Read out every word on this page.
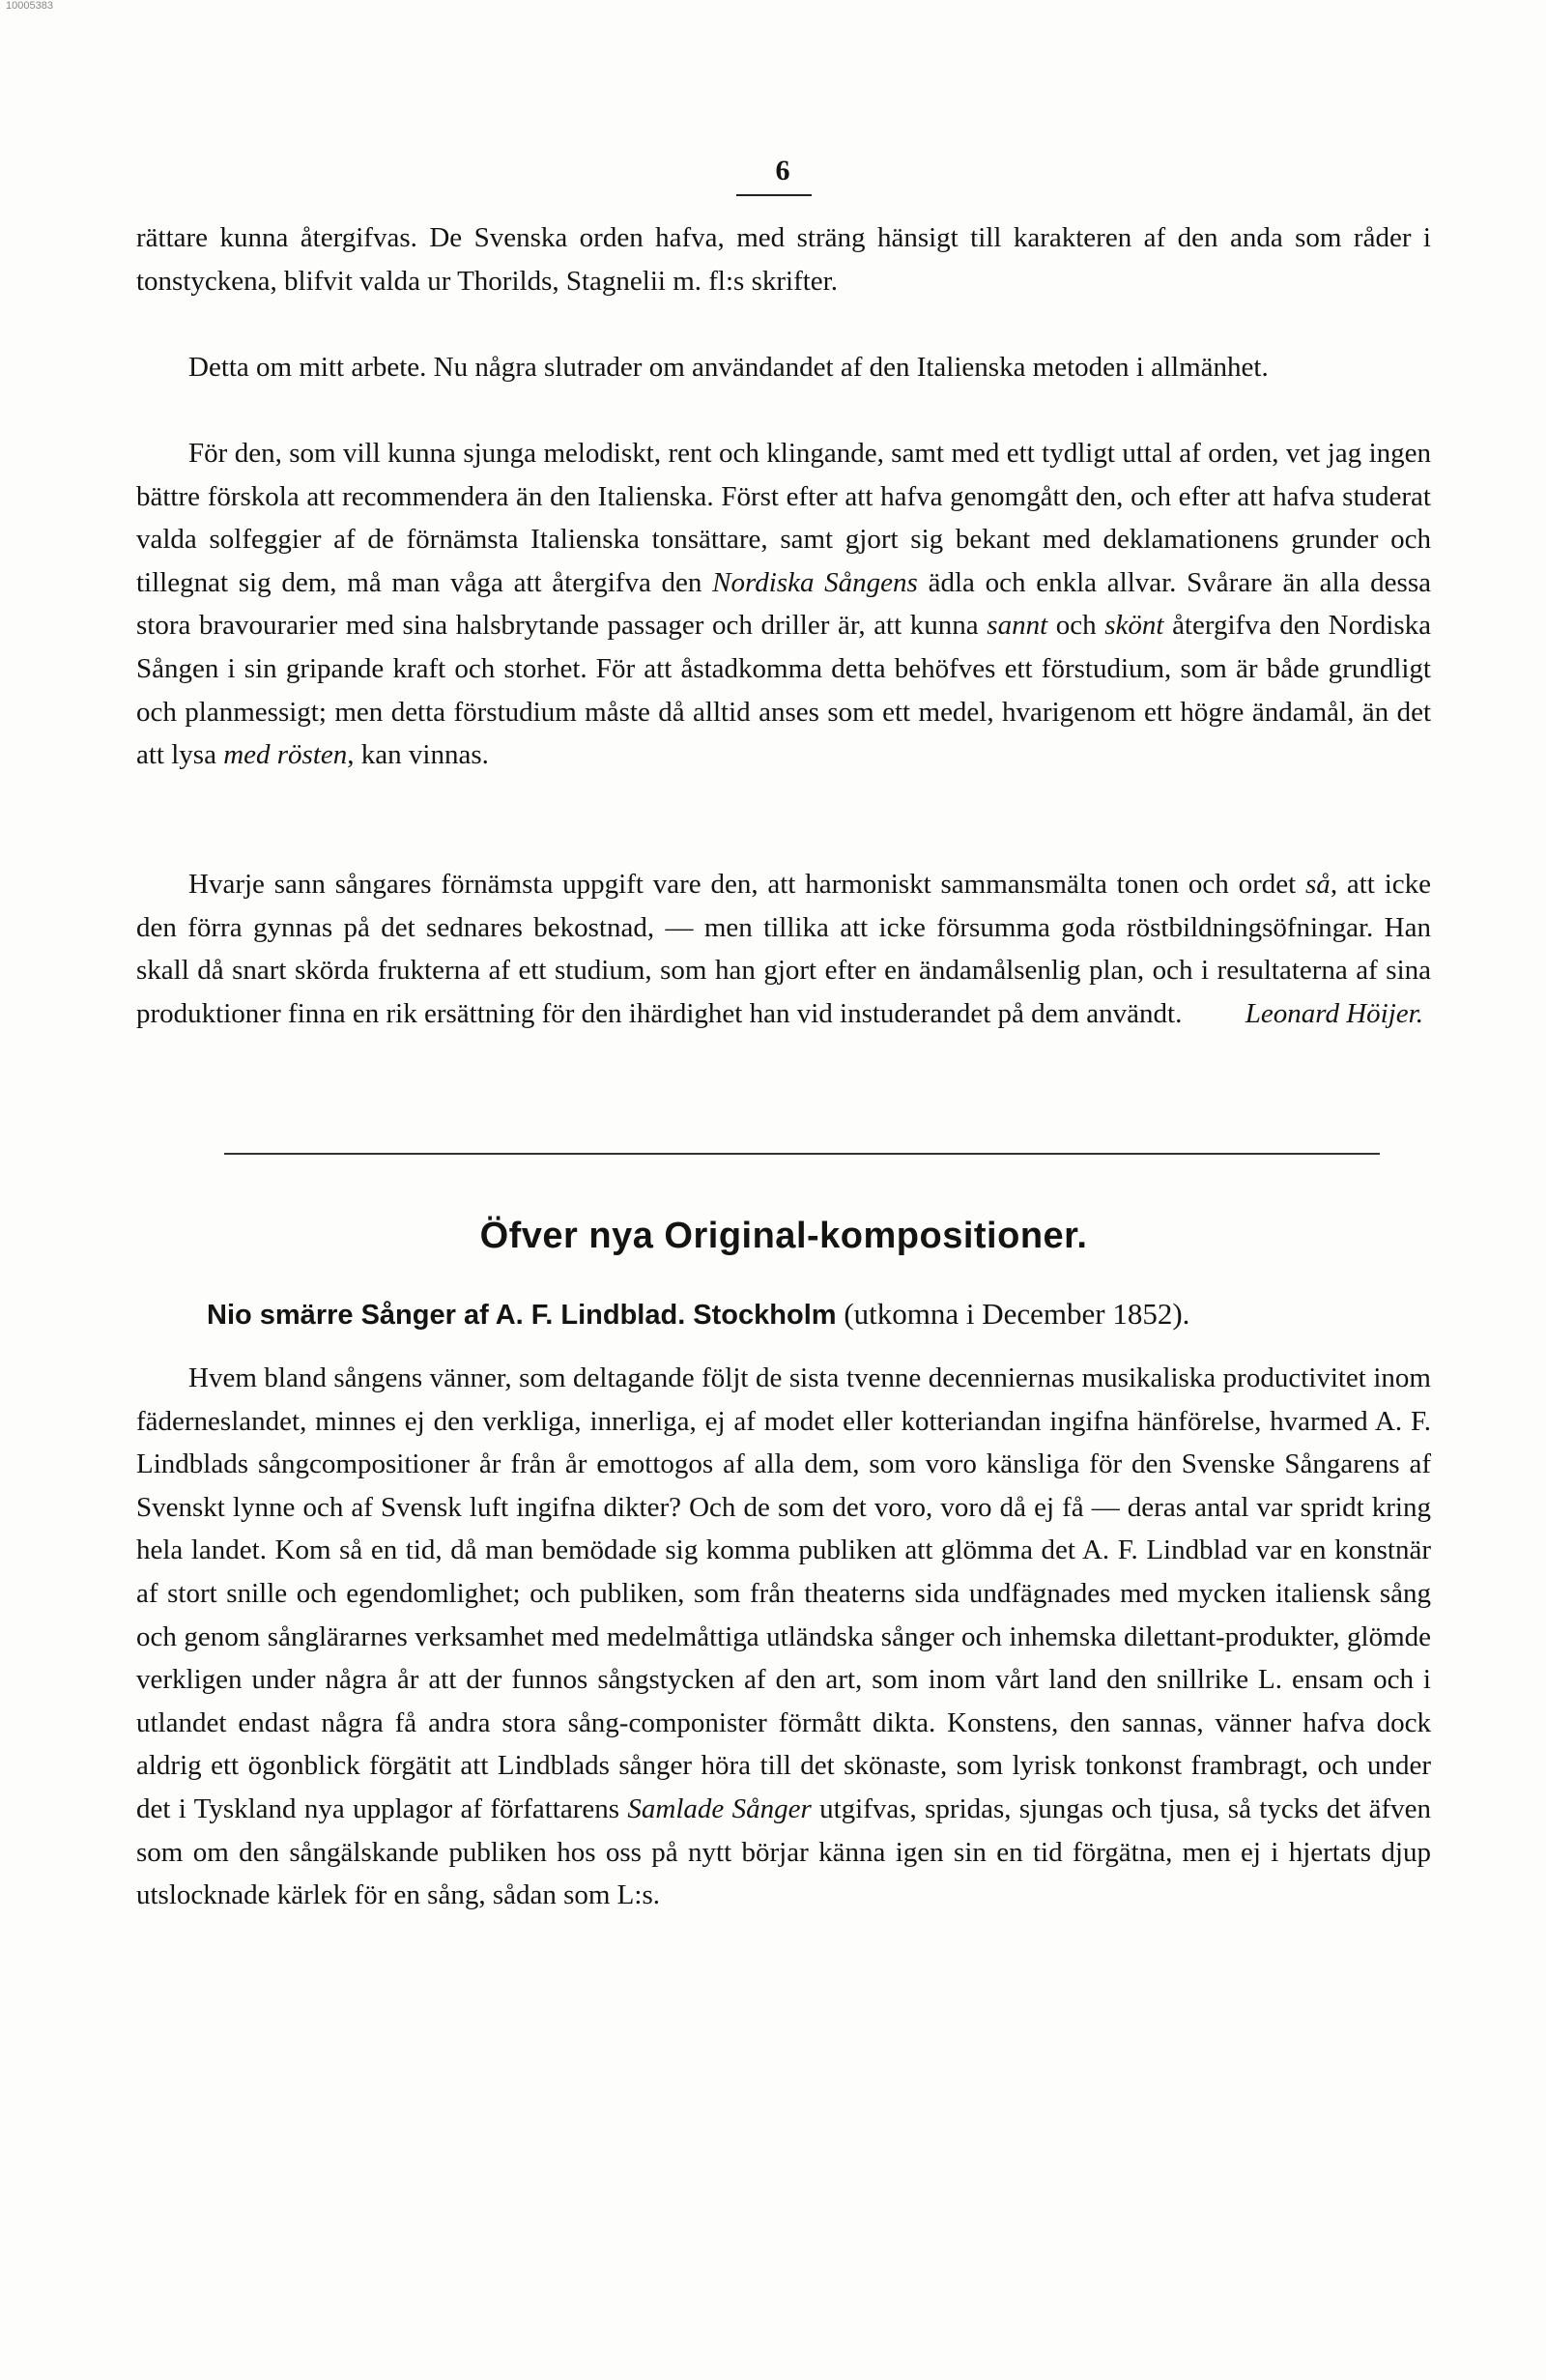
10005383
6
rättare kunna återgifvas. De Svenska orden hafva, med sträng hänsigt till karakteren af den anda som råder i tonstyckena, blifvit valda ur Thorilds, Stagnelii m. fl:s skrifter.
Detta om mitt arbete. Nu några slutrader om användandet af den Italienska metoden i allmänhet.
För den, som vill kunna sjunga melodiskt, rent och klingande, samt med ett tydligt uttal af orden, vet jag ingen bättre förskola att recommendera än den Italienska. Först efter att hafva genomgått den, och efter att hafva studerat valda solfeggier af de förnämsta Italienska tonsättare, samt gjort sig bekant med deklamationens grunder och tillegnat sig dem, må man våga att återgifva den Nordiska Sångens ädla och enkla allvar. Svårare än alla dessa stora bravourarier med sina halsbrytande passager och driller är, att kunna sannt och skönt återgifva den Nordiska Sången i sin gripande kraft och storhet. För att åstadkomma detta behöfves ett förstudium, som är både grundligt och planmessigt; men detta förstudium måste då alltid anses som ett medel, hvarigenom ett högre ändamål, än det att lysa med rösten, kan vinnas.
Hvarje sann sångares förnämsta uppgift vare den, att harmoniskt sammansmälta tonen och ordet så, att icke den förra gynnas på det sednares bekostnad, — men tillika att icke försumma goda röstbildningsöfningar. Han skall då snart skörda frukterna af ett studium, som han gjort efter en ändamålsenlig plan, och i resultaterna af sina produktioner finna en rik ersättning för den ihärdighet han vid instuderandet på dem användt.	Leonard Höijer.
Öfver nya Original-kompositioner.
Nio smärre Sånger af A. F. Lindblad. Stockholm (utkomna i December 1852).
Hvem bland sångens vänner, som deltagande följt de sista tvenne decenniernas musikaliska productivitet inom fäderneslandet, minnes ej den verkliga, innerliga, ej af modet eller kotteriandan ingifna hänförelse, hvarmed A. F. Lindblads sångcompositioner år från år emottogos af alla dem, som voro känsliga för den Svenske Sångarens af Svenskt lynne och af Svensk luft ingifna dikter? Och de som det voro, voro då ej få — deras antal var spridt kring hela landet. Kom så en tid, då man bemödade sig komma publiken att glömma det A. F. Lindblad var en konstnär af stort snille och egendomlighet; och publiken, som från theaterns sida undfägnades med mycken italiensk sång och genom sånglärarnes verksamhet med medelmåttiga utländska sånger och inhemska dilettant-produkter, glömde verkligen under några år att der funnos sångstycken af den art, som inom vårt land den snillrike L. ensam och i utlandet endast några få andra stora sång-componister förmått dikta. Konstens, den sannas, vänner hafva dock aldrig ett ögonblick förgätit att Lindblads sånger höra till det skönaste, som lyrisk tonkonst frambragt, och under det i Tyskland nya upplagor af författarens Samlade Sånger utgifvas, spridas, sjungas och tjusa, så tycks det äfven som om den sångälskande publiken hos oss på nytt börjar känna igen sin en tid förgätna, men ej i hjertats djup utslocknade kärlek för en sång, sådan som L:s.
